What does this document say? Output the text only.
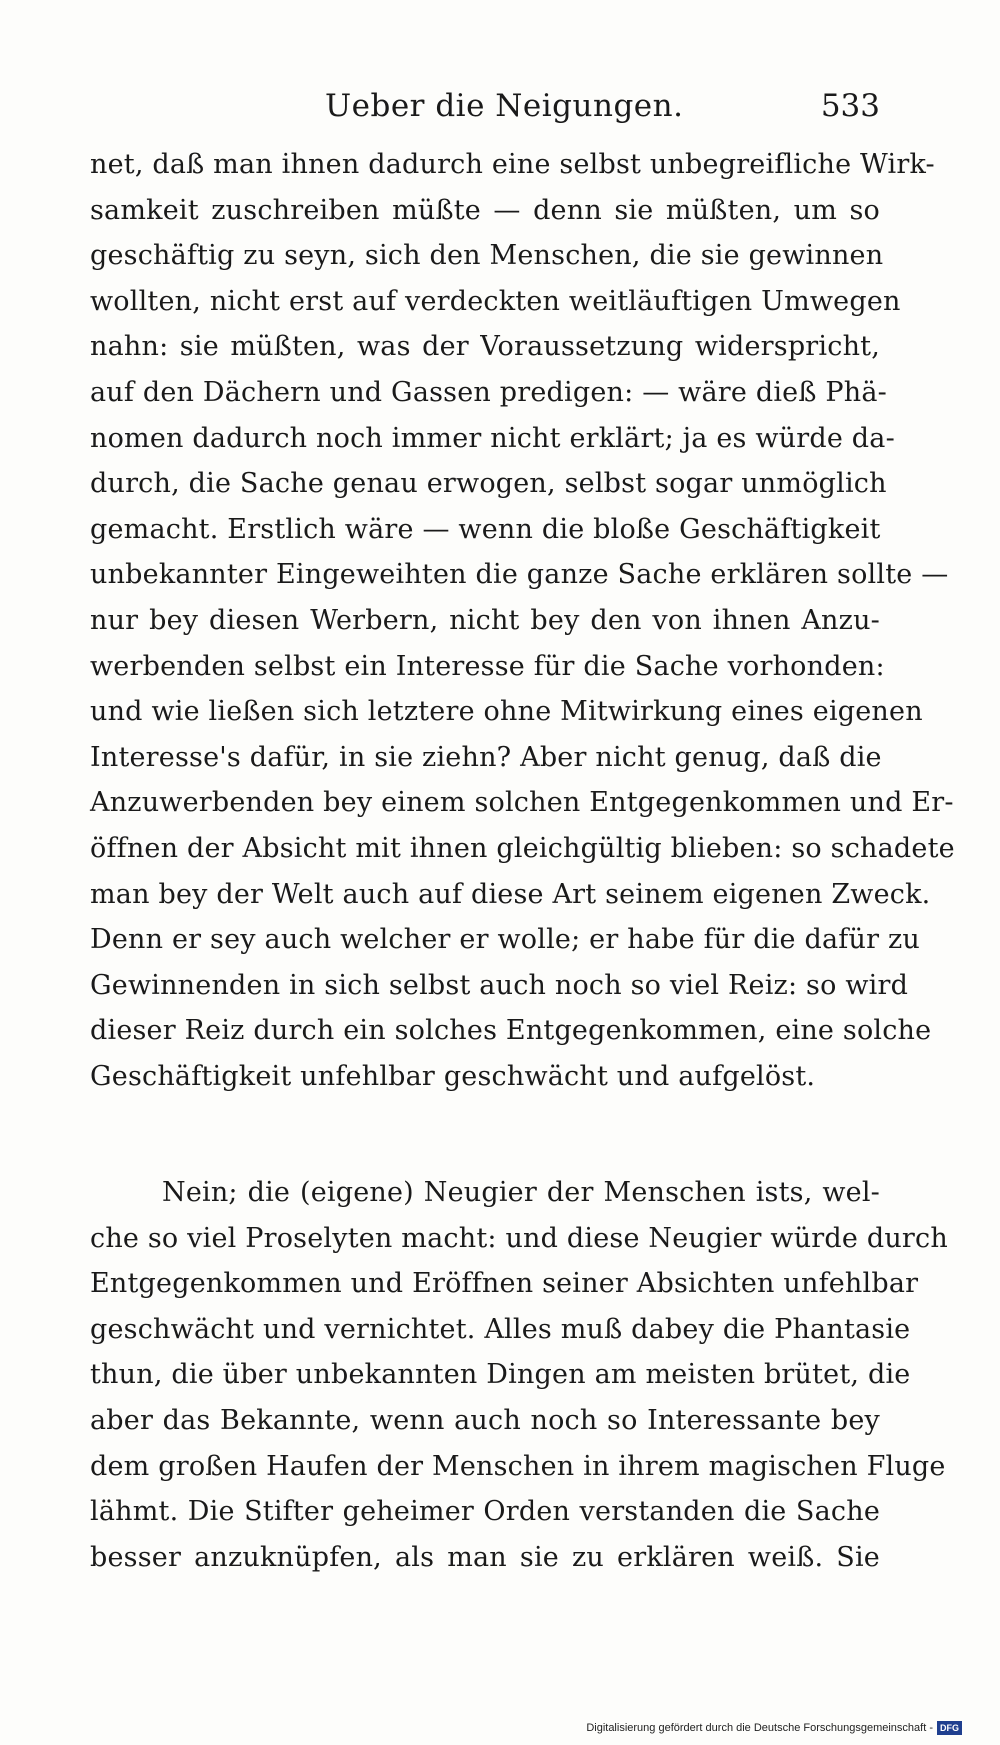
Ueber die Neigungen.	533
net, daß man ihnen dadurch eine selbst unbegreifliche Wirk-
samkeit zuschreiben müßte — denn sie müßten, um so
geschäftig zu seyn, sich den Menschen, die sie gewinnen
wollten, nicht erst auf verdeckten weitläuftigen Umwegen
nahn: sie müßten, was der Voraussetzung widerspricht,
auf den Dächern und Gassen predigen: — wäre dieß Phä-
nomen dadurch noch immer nicht erklärt; ja es würde da-
durch, die Sache genau erwogen, selbst sogar unmöglich
gemacht. Erstlich wäre — wenn die bloße Geschäftigkeit
unbekannter Eingeweihten die ganze Sache erklären sollte —
nur bey diesen Werbern, nicht bey den von ihnen Anzu-
werbenden selbst ein Interesse für die Sache vorhonden:
und wie ließen sich letztere ohne Mitwirkung eines eigenen
Interesse's dafür, in sie ziehn? Aber nicht genug, daß die
Anzuwerbenden bey einem solchen Entgegenkommen und Er-
öffnen der Absicht mit ihnen gleichgültig blieben: so schadete
man bey der Welt auch auf diese Art seinem eigenen Zweck.
Denn er sey auch welcher er wolle; er habe für die dafür zu
Gewinnenden in sich selbst auch noch so viel Reiz: so wird
dieser Reiz durch ein solches Entgegenkommen, eine solche
Geschäftigkeit unfehlbar geschwächt und aufgelöst.
Nein; die (eigene) Neugier der Menschen ists, wel-
che so viel Proselyten macht: und diese Neugier würde durch
Entgegenkommen und Eröffnen seiner Absichten unfehlbar
geschwächt und vernichtet. Alles muß dabey die Phantasie
thun, die über unbekannten Dingen am meisten brütet, die
aber das Bekannte, wenn auch noch so Interessante bey
dem großen Haufen der Menschen in ihrem magischen Fluge
lähmt. Die Stifter geheimer Orden verstanden die Sache
besser anzuknüpfen, als man sie zu erklären weiß. Sie
Digitalisierung gefördert durch die Deutsche Forschungsgemeinschaft - DFG
